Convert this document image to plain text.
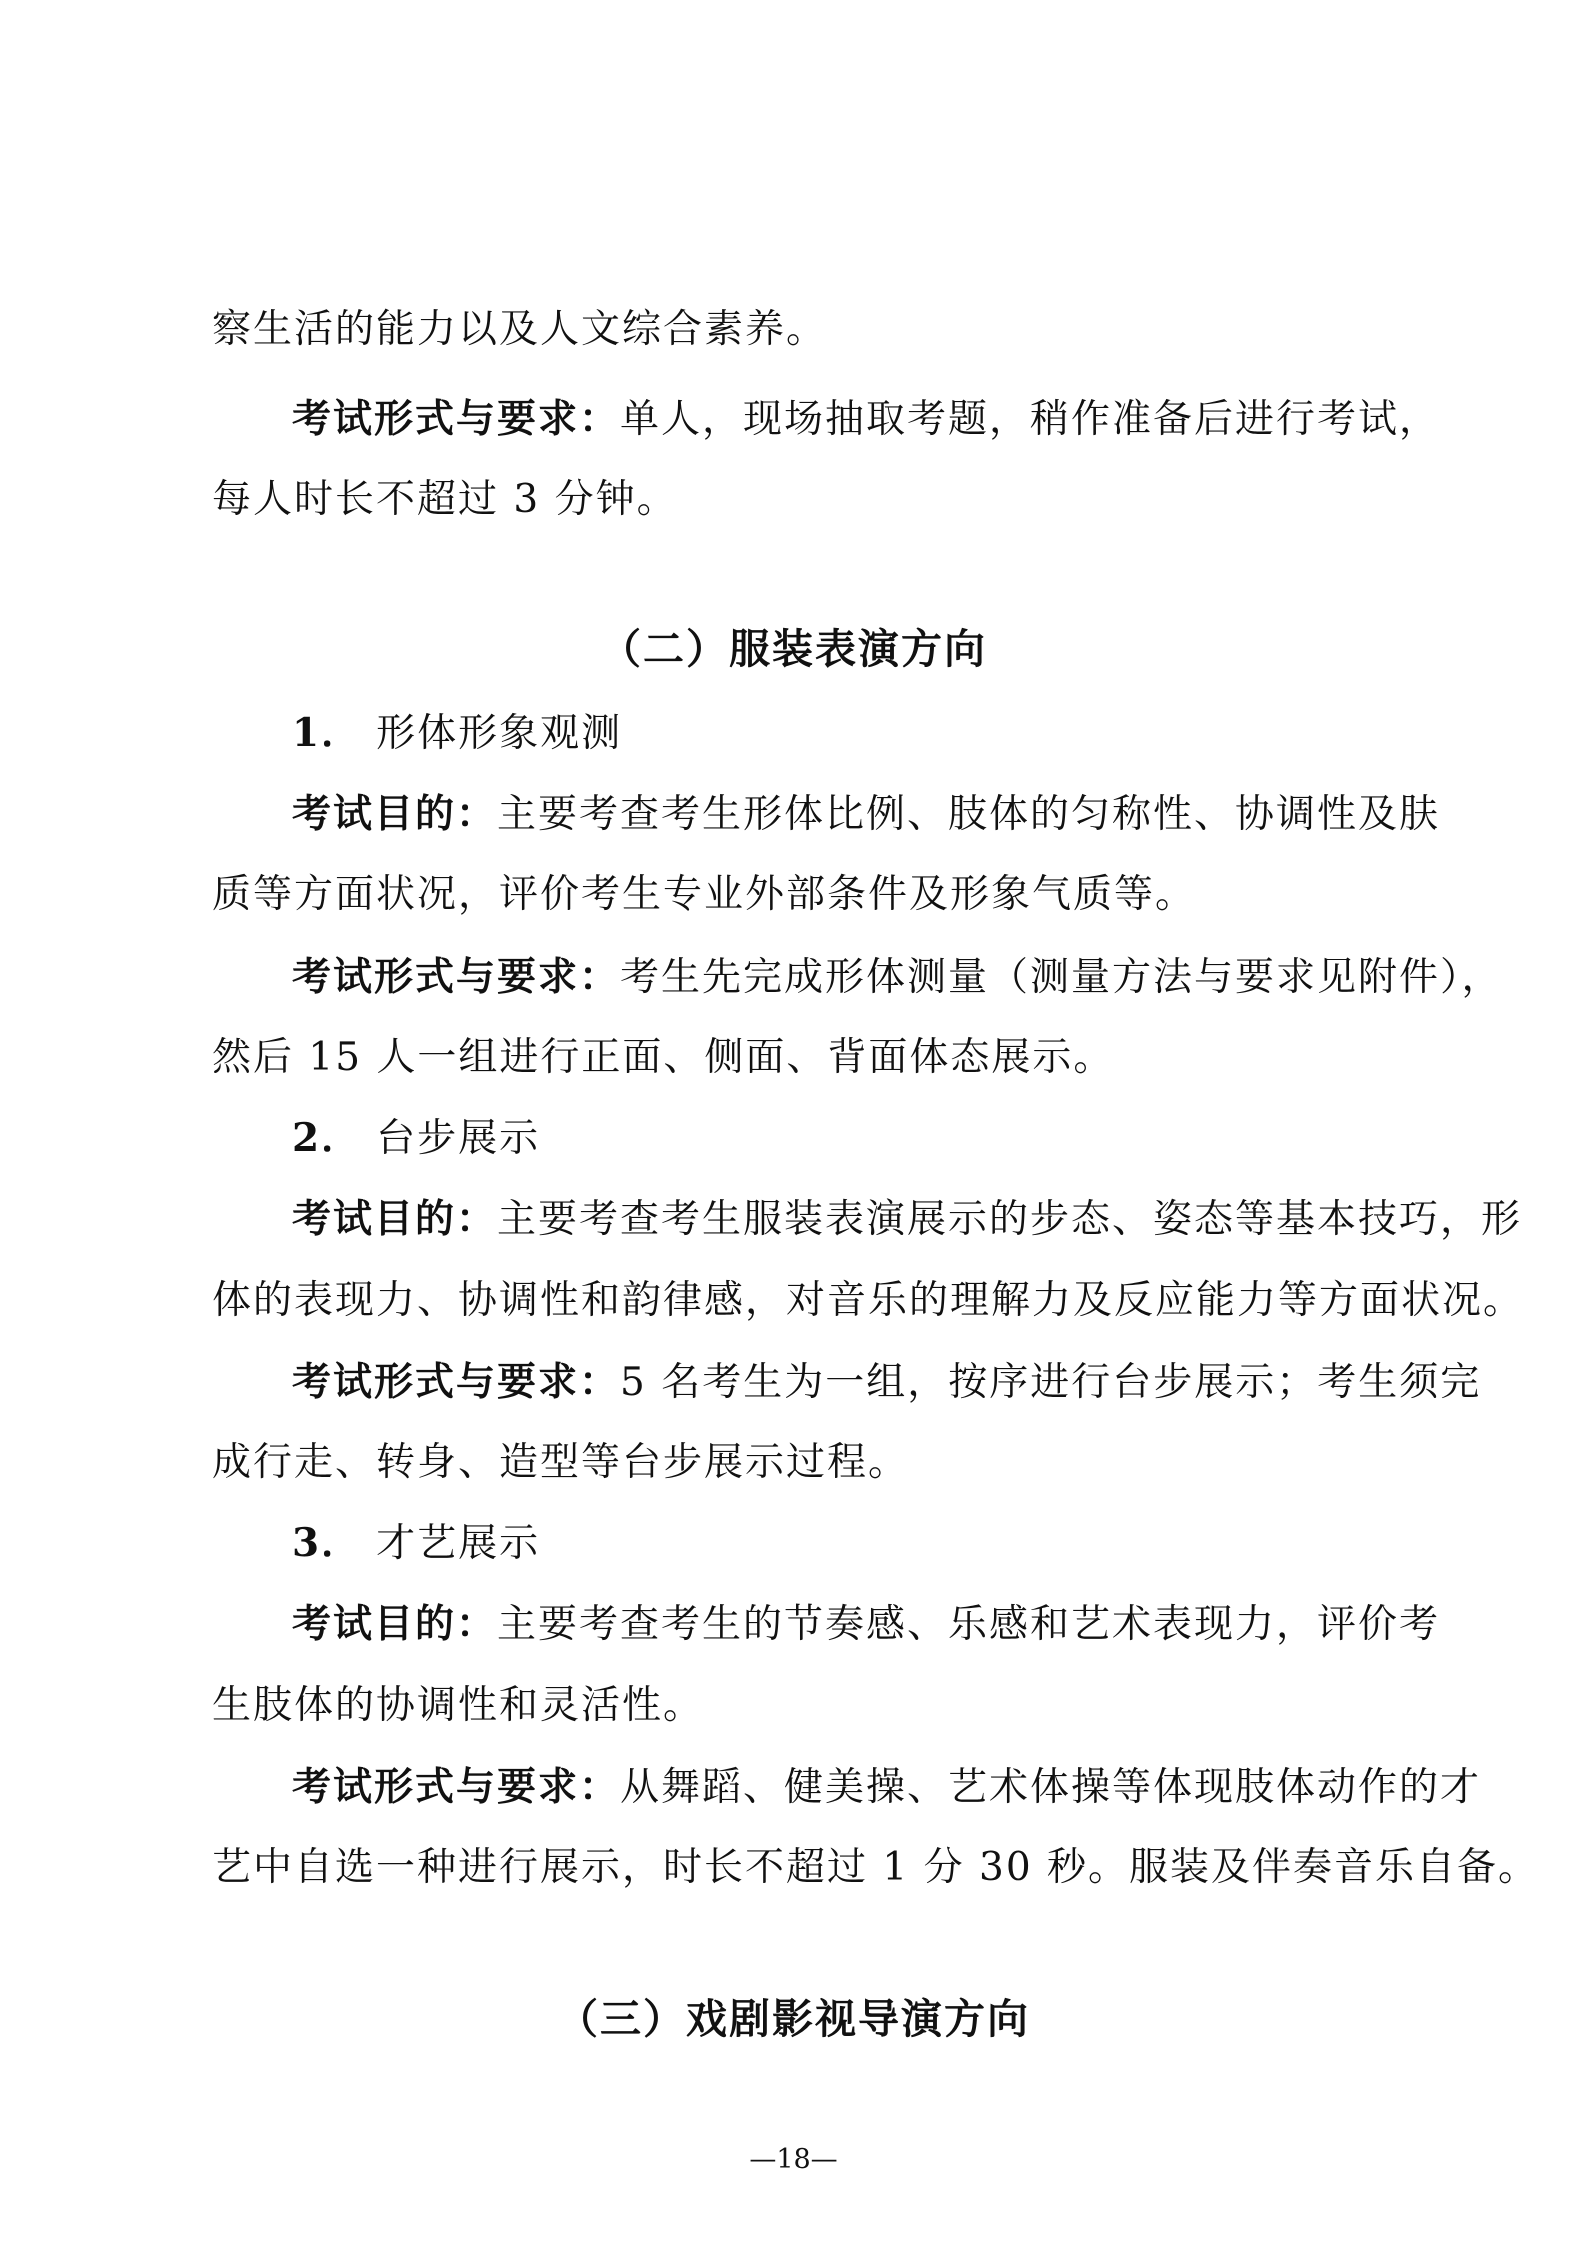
察生活的能力以及人文综合素养。
考试形式与要求：单人，现场抽取考题，稍作准备后进行考试，
每人时长不超过 3 分钟。
（二）服装表演方向
1． 形体形象观测
考试目的：主要考查考生形体比例、肢体的匀称性、协调性及肤
质等方面状况，评价考生专业外部条件及形象气质等。
考试形式与要求：考生先完成形体测量（测量方法与要求见附件），
然后 15 人一组进行正面、侧面、背面体态展示。
2． 台步展示
考试目的：主要考查考生服装表演展示的步态、姿态等基本技巧，形
体的表现力、协调性和韵律感，对音乐的理解力及反应能力等方面状况。
考试形式与要求：5 名考生为一组，按序进行台步展示；考生须完
成行走、转身、造型等台步展示过程。
3． 才艺展示
考试目的：主要考查考生的节奏感、乐感和艺术表现力，评价考
生肢体的协调性和灵活性。
考试形式与要求：从舞蹈、健美操、艺术体操等体现肢体动作的才
艺中自选一种进行展示，时长不超过 1 分 30 秒。服装及伴奏音乐自备。
（三）戏剧影视导演方向
—18—
